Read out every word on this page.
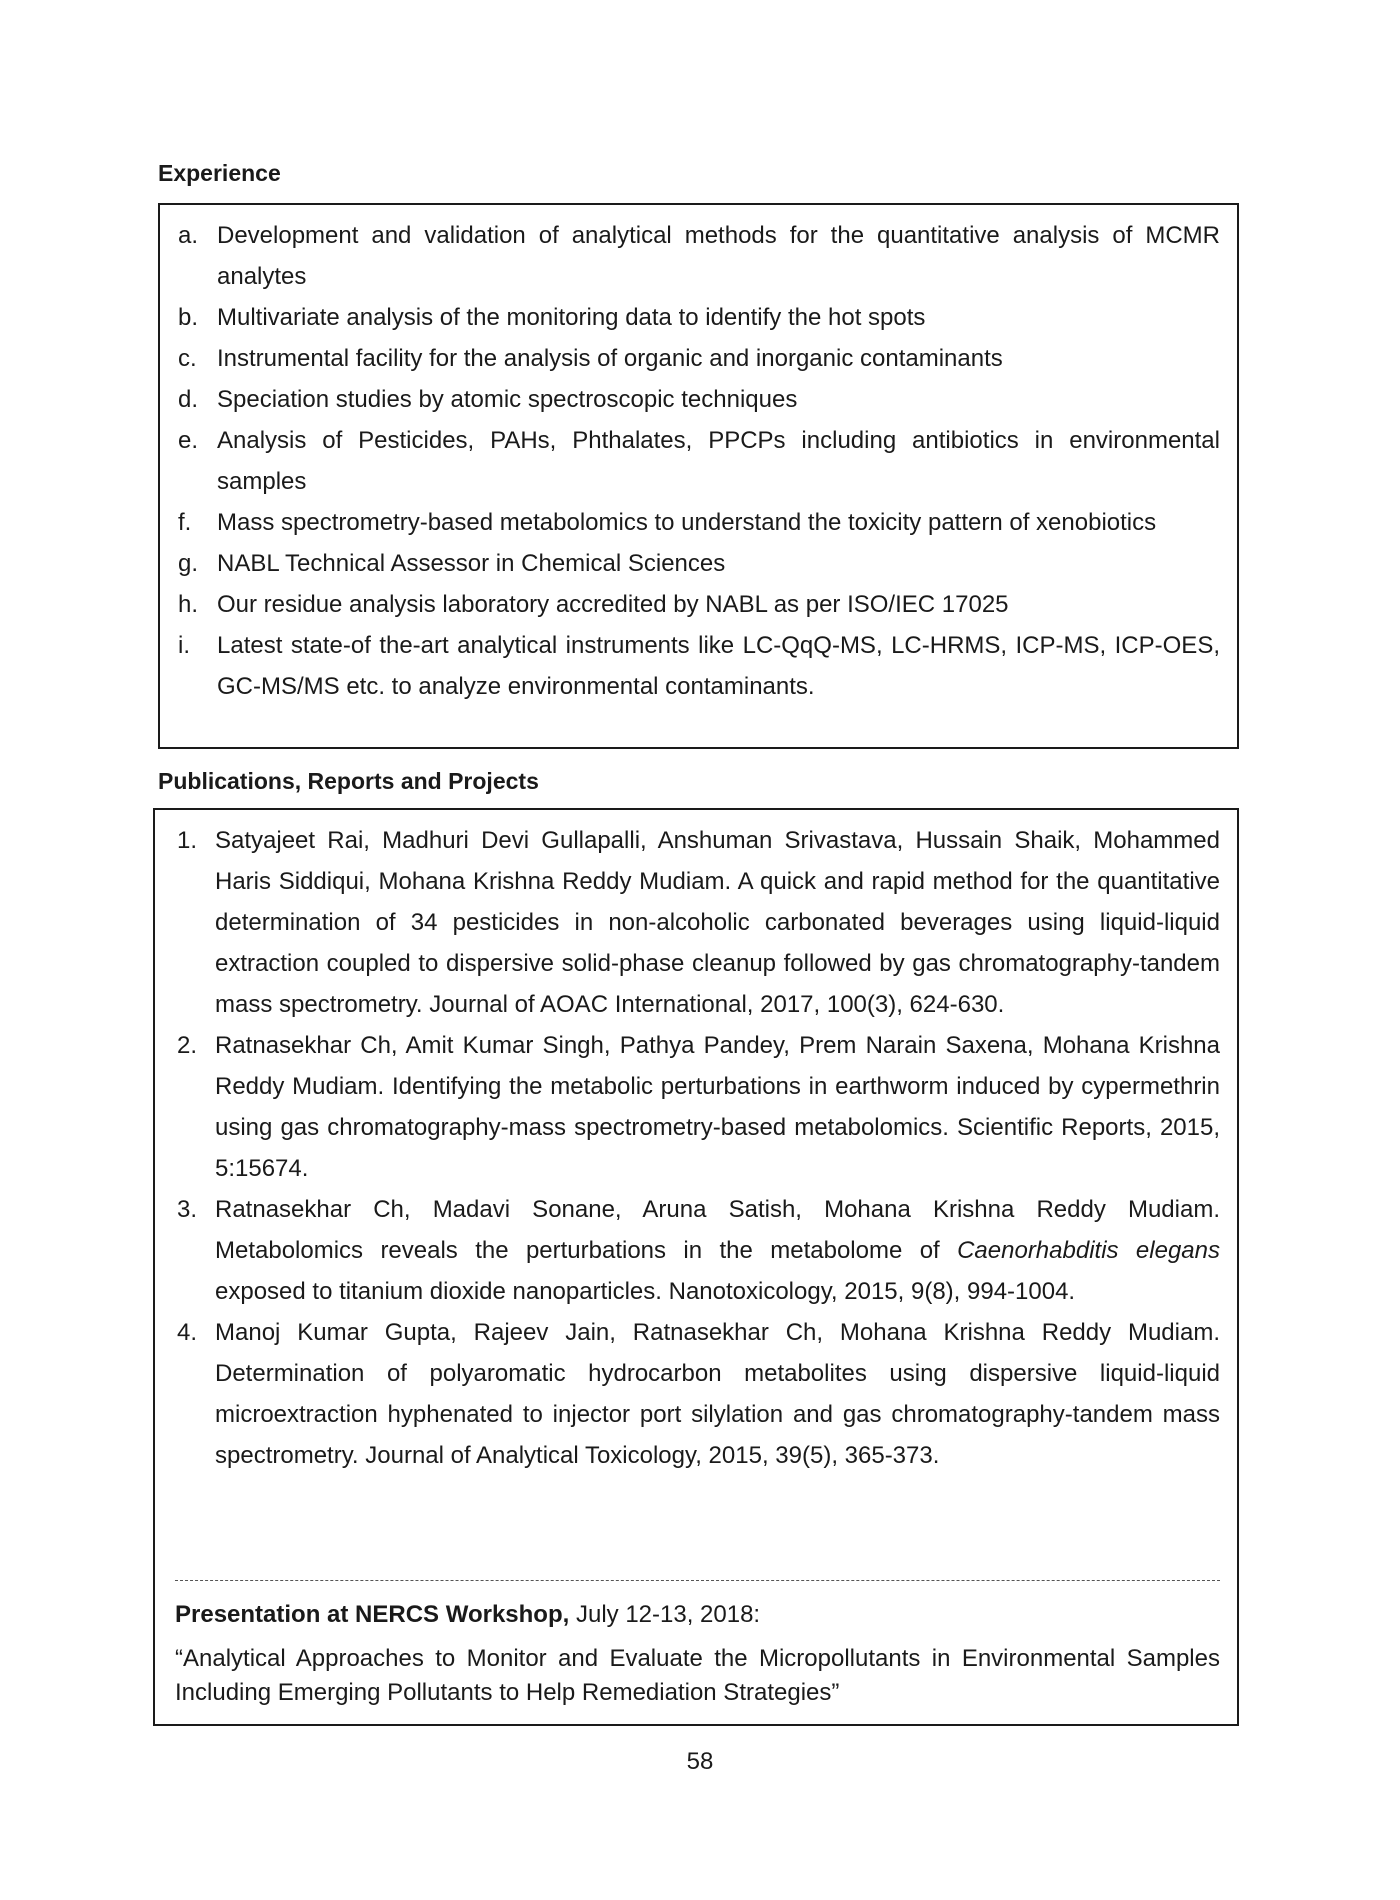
Experience
a. Development and validation of analytical methods for the quantitative analysis of MCMR analytes
b. Multivariate analysis of the monitoring data to identify the hot spots
c. Instrumental facility for the analysis of organic and inorganic contaminants
d. Speciation studies by atomic spectroscopic techniques
e. Analysis of Pesticides, PAHs, Phthalates, PPCPs including antibiotics in environmental samples
f. Mass spectrometry-based metabolomics to understand the toxicity pattern of xenobiotics
g. NABL Technical Assessor in Chemical Sciences
h. Our residue analysis laboratory accredited by NABL as per ISO/IEC 17025
i. Latest state-of the-art analytical instruments like LC-QqQ-MS, LC-HRMS, ICP-MS, ICP-OES, GC-MS/MS etc. to analyze environmental contaminants.
Publications, Reports and Projects
1. Satyajeet Rai, Madhuri Devi Gullapalli, Anshuman Srivastava, Hussain Shaik, Mohammed Haris Siddiqui, Mohana Krishna Reddy Mudiam. A quick and rapid method for the quantitative determination of 34 pesticides in non-alcoholic carbonated beverages using liquid-liquid extraction coupled to dispersive solid-phase cleanup followed by gas chromatography-tandem mass spectrometry. Journal of AOAC International, 2017, 100(3), 624-630.
2. Ratnasekhar Ch, Amit Kumar Singh, Pathya Pandey, Prem Narain Saxena, Mohana Krishna Reddy Mudiam. Identifying the metabolic perturbations in earthworm induced by cypermethrin using gas chromatography-mass spectrometry-based metabolomics. Scientific Reports, 2015, 5:15674.
3. Ratnasekhar Ch, Madavi Sonane, Aruna Satish, Mohana Krishna Reddy Mudiam. Metabolomics reveals the perturbations in the metabolome of Caenorhabditis elegans exposed to titanium dioxide nanoparticles. Nanotoxicology, 2015, 9(8), 994-1004.
4. Manoj Kumar Gupta, Rajeev Jain, Ratnasekhar Ch, Mohana Krishna Reddy Mudiam. Determination of polyaromatic hydrocarbon metabolites using dispersive liquid-liquid microextraction hyphenated to injector port silylation and gas chromatography-tandem mass spectrometry. Journal of Analytical Toxicology, 2015, 39(5), 365-373.

Presentation at NERCS Workshop, July 12-13, 2018:

“Analytical Approaches to Monitor and Evaluate the Micropollutants in Environmental Samples Including Emerging Pollutants to Help Remediation Strategies”

58
